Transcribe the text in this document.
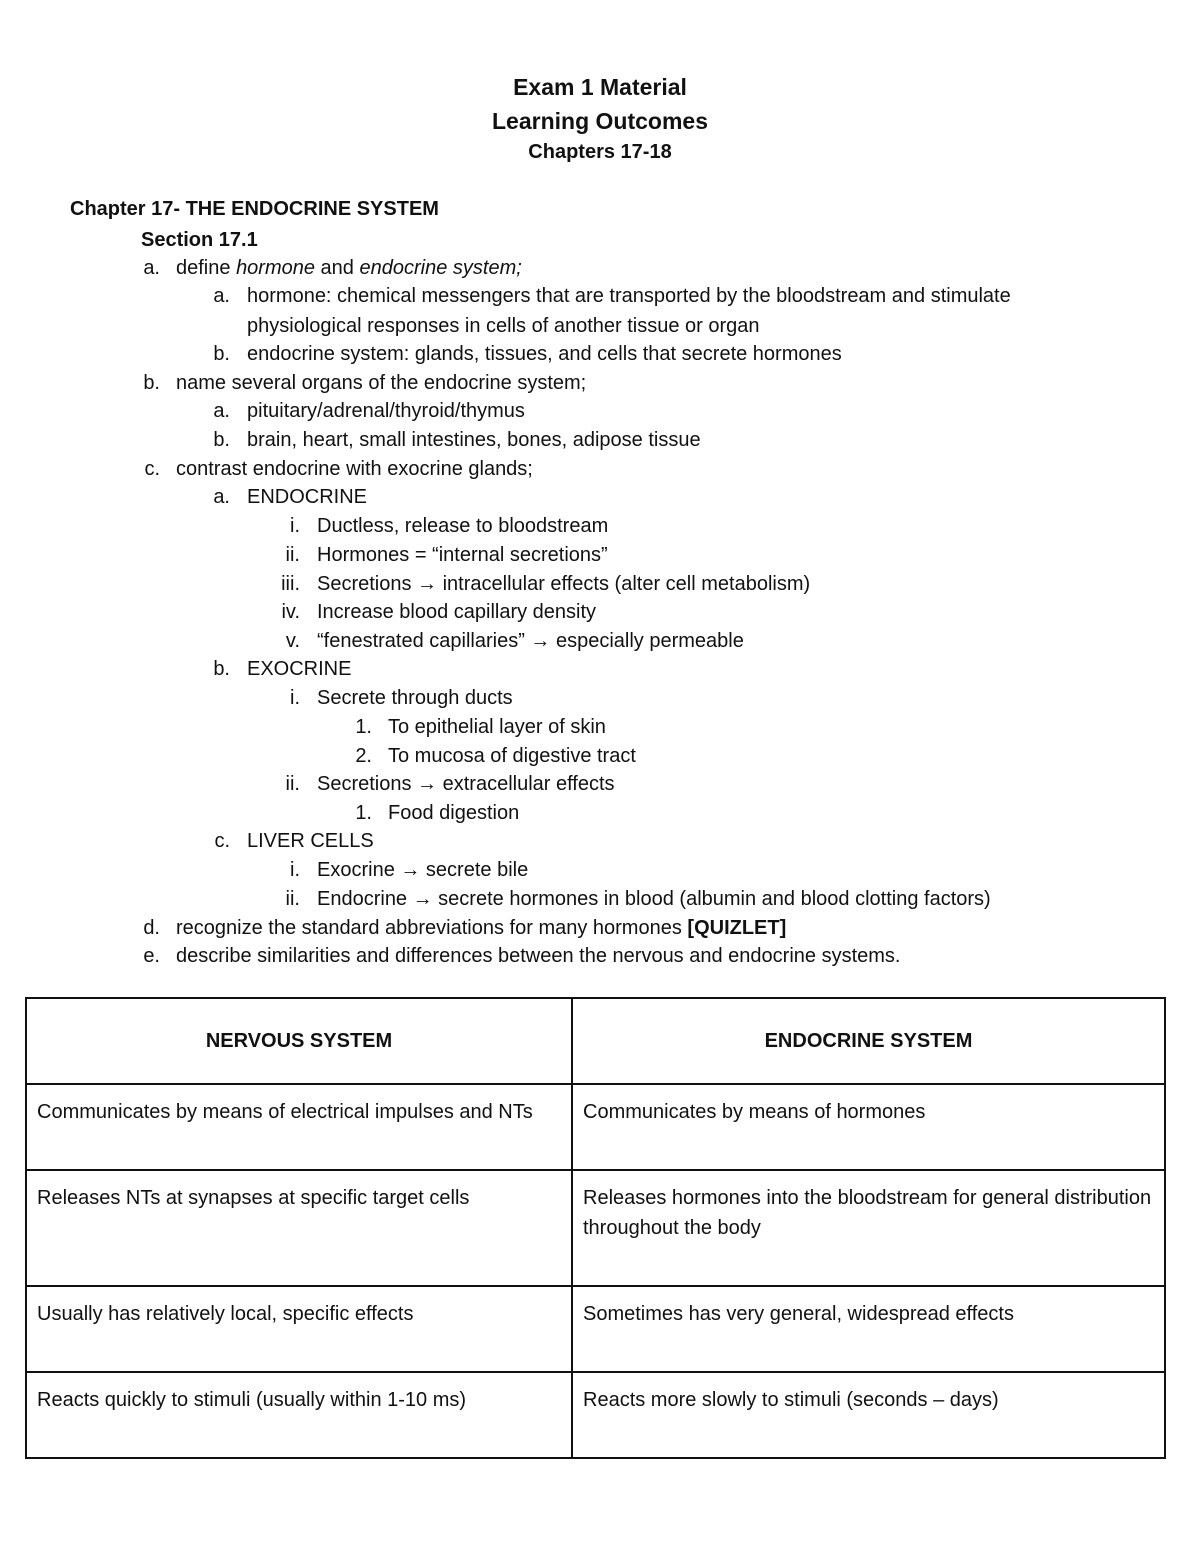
Exam 1 Material
Learning Outcomes
Chapters 17-18
Chapter 17- THE ENDOCRINE SYSTEM
Section 17.1
a. define hormone and endocrine system;
a. hormone: chemical messengers that are transported by the bloodstream and stimulate
physiological responses in cells of another tissue or organ
b. endocrine system: glands, tissues, and cells that secrete hormones
b. name several organs of the endocrine system;
a. pituitary/adrenal/thyroid/thymus
b. brain, heart, small intestines, bones, adipose tissue
c. contrast endocrine with exocrine glands;
a. ENDOCRINE
i. Ductless, release to bloodstream
ii. Hormones = “internal secretions”
iii. Secretions → intracellular effects (alter cell metabolism)
iv. Increase blood capillary density
v. “fenestrated capillaries” → especially permeable
b. EXOCRINE
i. Secrete through ducts
1. To epithelial layer of skin
2. To mucosa of digestive tract
ii. Secretions → extracellular effects
1. Food digestion
c. LIVER CELLS
i. Exocrine → secrete bile
ii. Endocrine → secrete hormones in blood (albumin and blood clotting factors)
d. recognize the standard abbreviations for many hormones [QUIZLET]
e. describe similarities and differences between the nervous and endocrine systems.
NERVOUS SYSTEM	ENDOCRINE SYSTEM
Communicates by means of electrical impulses and NTs	Communicates by means of hormones
Releases NTs at synapses at specific target cells	Releases hormones into the bloodstream for general distribution throughout the body
Usually has relatively local, specific effects	Sometimes has very general, widespread effects
Reacts quickly to stimuli (usually within 1-10 ms)	Reacts more slowly to stimuli (seconds – days)
